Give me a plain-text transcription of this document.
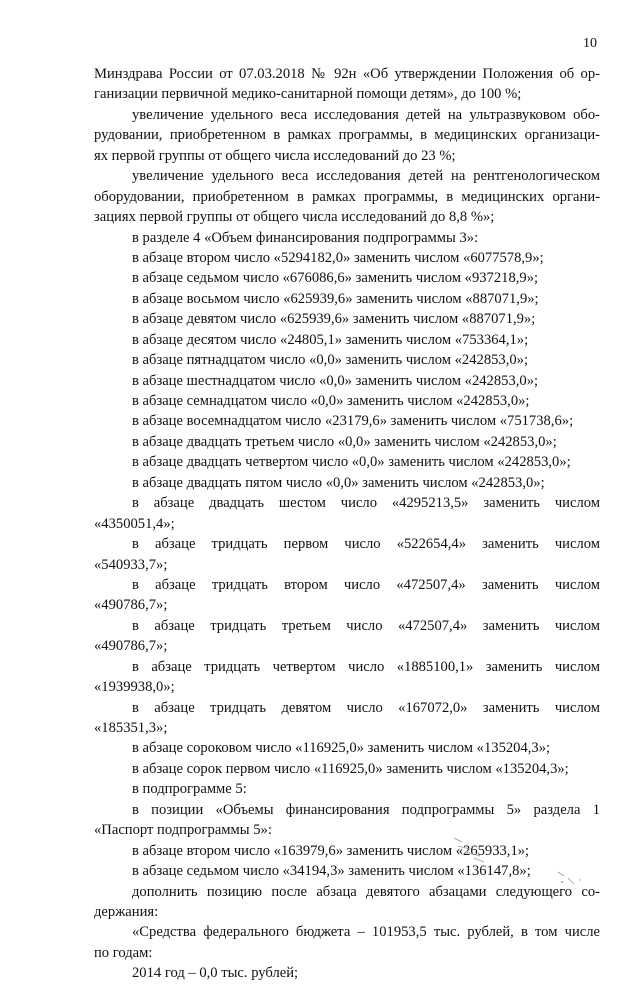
10
Минздрава России от 07.03.2018 № 92н «Об утверждении Положения об ор-
ганизации первичной медико-санитарной помощи детям», до 100 %;
увеличение удельного веса исследования детей на ультразвуковом обо-
рудовании, приобретенном в рамках программы, в медицинских организаци-
ях первой группы от общего числа исследований до 23 %;
увеличение удельного веса исследования детей на рентгенологическом
оборудовании, приобретенном в рамках программы, в медицинских органи-
зациях первой группы от общего числа исследований до 8,8 %»;
в разделе 4 «Объем финансирования подпрограммы 3»:
в абзаце втором число «5294182,0» заменить числом «6077578,9»;
в абзаце седьмом число «676086,6» заменить числом «937218,9»;
в абзаце восьмом число «625939,6» заменить числом «887071,9»;
в абзаце девятом число «625939,6» заменить числом «887071,9»;
в абзаце десятом число «24805,1» заменить числом «753364,1»;
в абзаце пятнадцатом число «0,0» заменить числом «242853,0»;
в абзаце шестнадцатом число «0,0» заменить числом «242853,0»;
в абзаце семнадцатом число «0,0» заменить числом «242853,0»;
в абзаце восемнадцатом число «23179,6» заменить числом «751738,6»;
в абзаце двадцать третьем число «0,0» заменить числом «242853,0»;
в абзаце двадцать четвертом число «0,0» заменить числом «242853,0»;
в абзаце двадцать пятом число «0,0» заменить числом «242853,0»;
в абзаце двадцать шестом число «4295213,5» заменить числом
«4350051,4»;
в абзаце тридцать первом число «522654,4» заменить числом
«540933,7»;
в абзаце тридцать втором число «472507,4» заменить числом
«490786,7»;
в абзаце тридцать третьем число «472507,4» заменить числом
«490786,7»;
в абзаце тридцать четвертом число «1885100,1» заменить числом
«1939938,0»;
в абзаце тридцать девятом число «167072,0» заменить числом
«185351,3»;
в абзаце сороковом число «116925,0» заменить числом «135204,3»;
в абзаце сорок первом число «116925,0» заменить числом «135204,3»;
в подпрограмме 5:
в позиции «Объемы финансирования подпрограммы 5» раздела 1
«Паспорт подпрограммы 5»:
в абзаце втором число «163979,6» заменить числом «265933,1»;
в абзаце седьмом число «34194,3» заменить числом «136147,8»;
дополнить позицию после абзаца девятого абзацами следующего со-
держания:
«Средства федерального бюджета – 101953,5 тыс. рублей, в том числе
по годам:
2014 год – 0,0 тыс. рублей;
